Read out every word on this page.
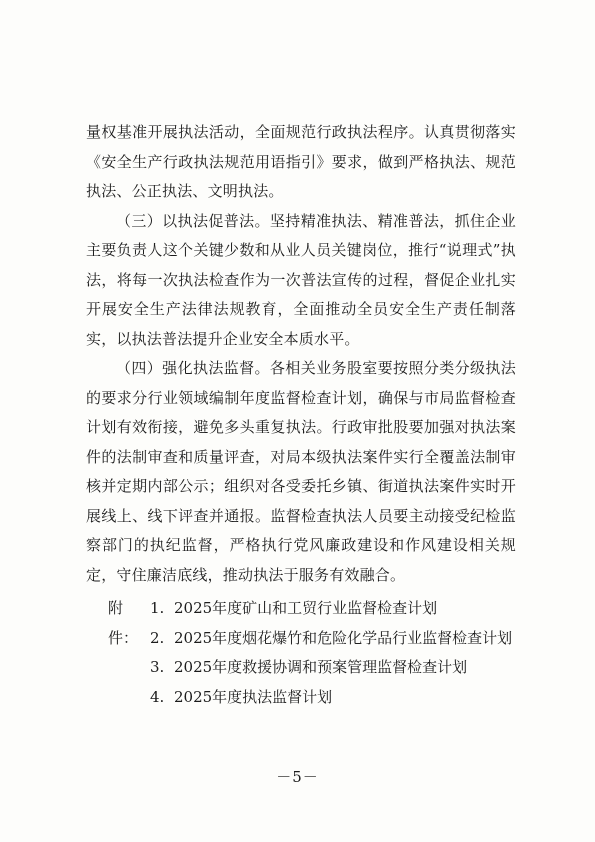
量权基准开展执法活动，全面规范行政执法程序。认真贯彻落实《安全生产行政执法规范用语指引》要求，做到严格执法、规范执法、公正执法、文明执法。

（三）以执法促普法。坚持精准执法、精准普法，抓住企业主要负责人这个关键少数和从业人员关键岗位，推行“说理式”执法，将每一次执法检查作为一次普法宣传的过程，督促企业扎实开展安全生产法律法规教育，全面推动全员安全生产责任制落实，以执法普法提升企业安全本质水平。

（四）强化执法监督。各相关业务股室要按照分类分级执法的要求分行业领域编制年度监督检查计划，确保与市局监督检查计划有效衔接，避免多头重复执法。行政审批股要加强对执法案件的法制审查和质量评查，对局本级执法案件实行全覆盖法制审核并定期内部公示；组织对各受委托乡镇、街道执法案件实时开展线上、线下评查并通报。监督检查执法人员要主动接受纪检监察部门的执纪监督，严格执行党风廉政建设和作风建设相关规定，守住廉洁底线，推动执法于服务有效融合。

附件：
1. 2025年度矿山和工贸行业监督检查计划
2. 2025年度烟花爆竹和危险化学品行业监督检查计划
3. 2025年度救援协调和预案管理监督检查计划
4. 2025年度执法监督计划
－5－
